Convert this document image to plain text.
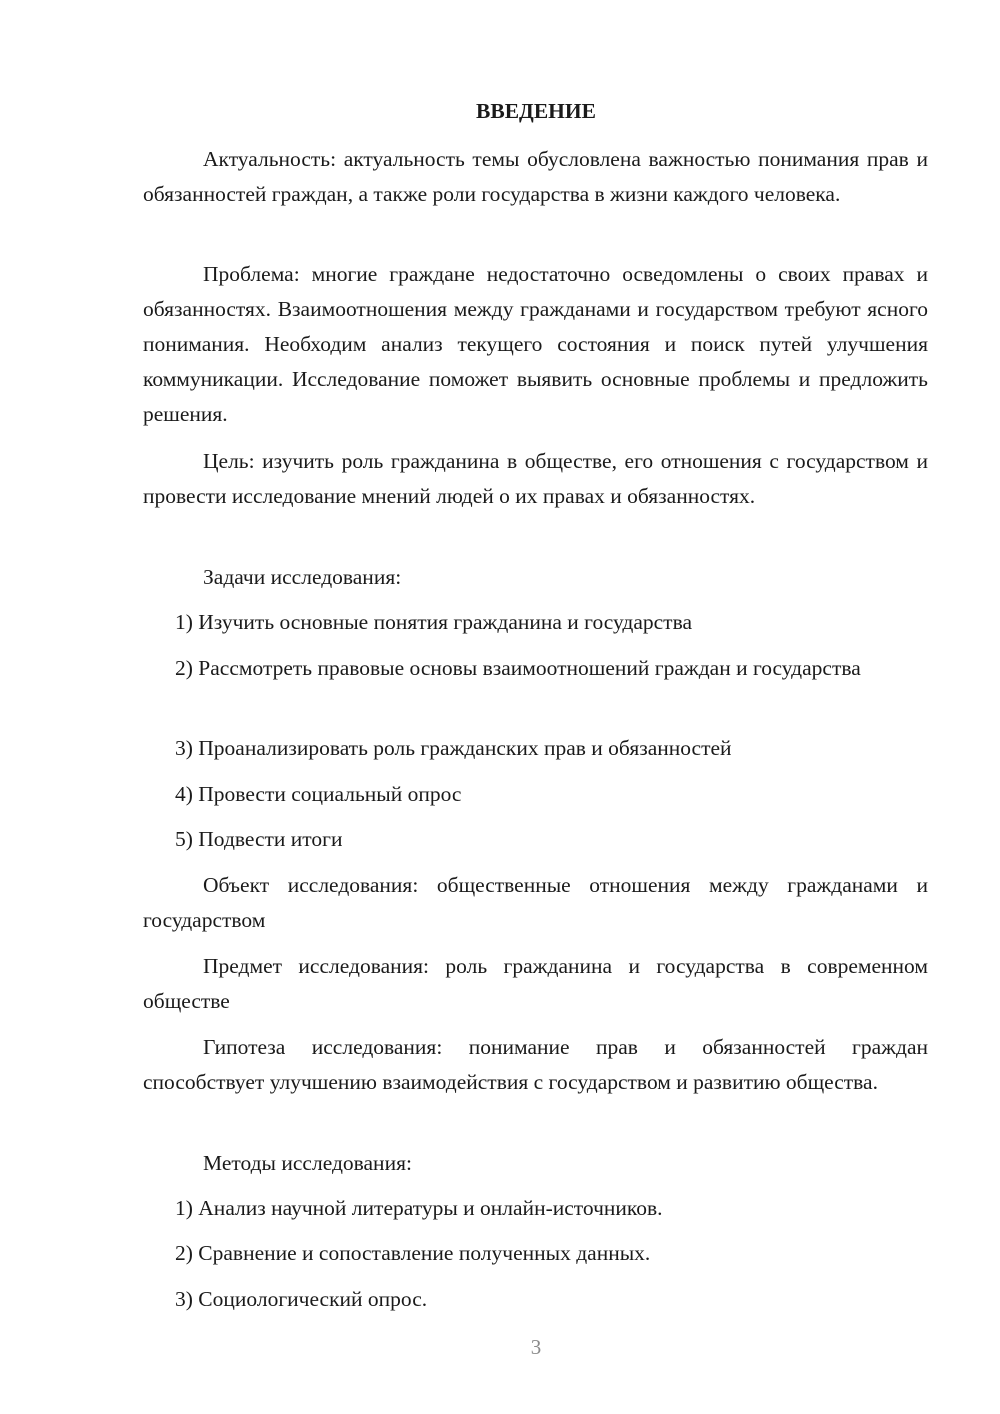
ВВЕДЕНИЕ

Актуальность: актуальность темы обусловлена важностью понимания прав и обязанностей граждан, а также роли государства в жизни каждого человека.

Проблема: многие граждане недостаточно осведомлены о своих правах и обязанностях. Взаимоотношения между гражданами и государством требуют ясного понимания. Необходим анализ текущего состояния и поиск путей улучшения коммуникации. Исследование поможет выявить основные проблемы и предложить решения.

Цель: изучить роль гражданина в обществе, его отношения с государством и провести исследование мнений людей о их правах и обязанностях.

Задачи исследования:

1) Изучить основные понятия гражданина и государства

2) Рассмотреть правовые основы взаимоотношений граждан и государства

3) Проанализировать роль гражданских прав и обязанностей

4) Провести социальный опрос

5) Подвести итоги

Объект исследования: общественные отношения между гражданами и государством

Предмет исследования: роль гражданина и государства в современном обществе

Гипотеза исследования: понимание прав и обязанностей граждан способствует улучшению взаимодействия с государством и развитию общества.

Методы исследования:

1) Анализ научной литературы и онлайн-источников.

2) Сравнение и сопоставление полученных данных.

3) Социологический опрос.

3
